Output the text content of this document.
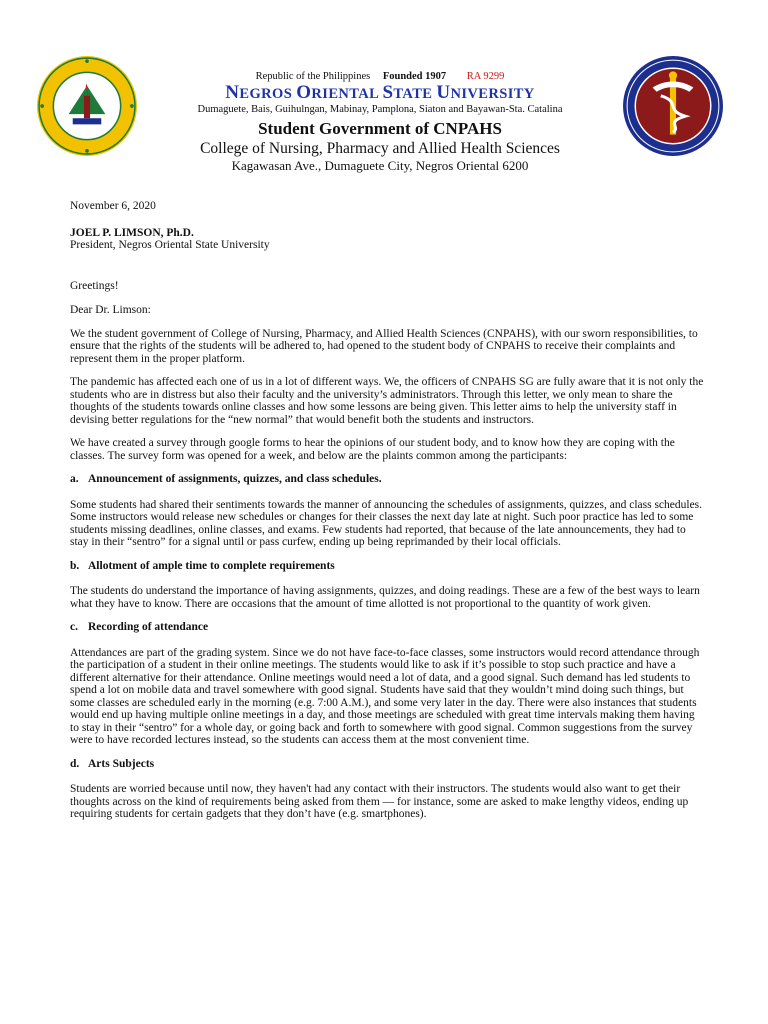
Republic of the Philippines Founded 1907 RA 9299
NEGROS ORIENTAL STATE UNIVERSITY
Dumaguete, Bais, Guihulngan, Mabinay, Pamplona, Siaton and Bayawan-Sta. Catalina
Student Government of CNPAHS
College of Nursing, Pharmacy and Allied Health Sciences
Kagawasan Ave., Dumaguete City, Negros Oriental 6200

November 6, 2020

JOEL P. LIMSON, Ph.D.
President, Negros Oriental State University

Greetings!

Dear Dr. Limson:

We the student government of College of Nursing, Pharmacy, and Allied Health Sciences (CNPAHS), with our sworn responsibilities, to ensure that the rights of the students will be adhered to, had opened to the student body of CNPAHS to receive their complaints and represent them in the proper platform.

The pandemic has affected each one of us in a lot of different ways. We, the officers of CNPAHS SG are fully aware that it is not only the students who are in distress but also their faculty and the university’s administrators. Through this letter, we only mean to share the thoughts of the students towards online classes and how some lessons are being given. This letter aims to help the university staff in devising better regulations for the “new normal” that would benefit both the students and instructors.

We have created a survey through google forms to hear the opinions of our student body, and to know how they are coping with the classes. The survey form was opened for a week, and below are the plaints common among the participants:

a. Announcement of assignments, quizzes, and class schedules.

Some students had shared their sentiments towards the manner of announcing the schedules of assignments, quizzes, and class schedules. Some instructors would release new schedules or changes for their classes the next day late at night. Such poor practice has led to some students missing deadlines, online classes, and exams. Few students had reported, that because of the late announcements, they had to stay in their “sentro” for a signal until or pass curfew, ending up being reprimanded by their local officials.

b. Allotment of ample time to complete requirements

The students do understand the importance of having assignments, quizzes, and doing readings. These are a few of the best ways to learn what they have to know. There are occasions that the amount of time allotted is not proportional to the quantity of work given.

c. Recording of attendance

Attendances are part of the grading system. Since we do not have face-to-face classes, some instructors would record attendance through the participation of a student in their online meetings. The students would like to ask if it’s possible to stop such practice and have a different alternative for their attendance. Online meetings would need a lot of data, and a good signal. Such demand has led students to spend a lot on mobile data and travel somewhere with good signal. Students have said that they wouldn’t mind doing such things, but some classes are scheduled early in the morning (e.g. 7:00 A.M.), and some very later in the day. There were also instances that students would end up having multiple online meetings in a day, and those meetings are scheduled with great time intervals making them having to stay in their “sentro” for a whole day, or going back and forth to somewhere with good signal. Common suggestions from the survey were to have recorded lectures instead, so the students can access them at the most convenient time.

d. Arts Subjects

Students are worried because until now, they haven't had any contact with their instructors. The students would also want to get their thoughts across on the kind of requirements being asked from them — for instance, some are asked to make lengthy videos, ending up requiring students for certain gadgets that they don’t have (e.g. smartphones).
